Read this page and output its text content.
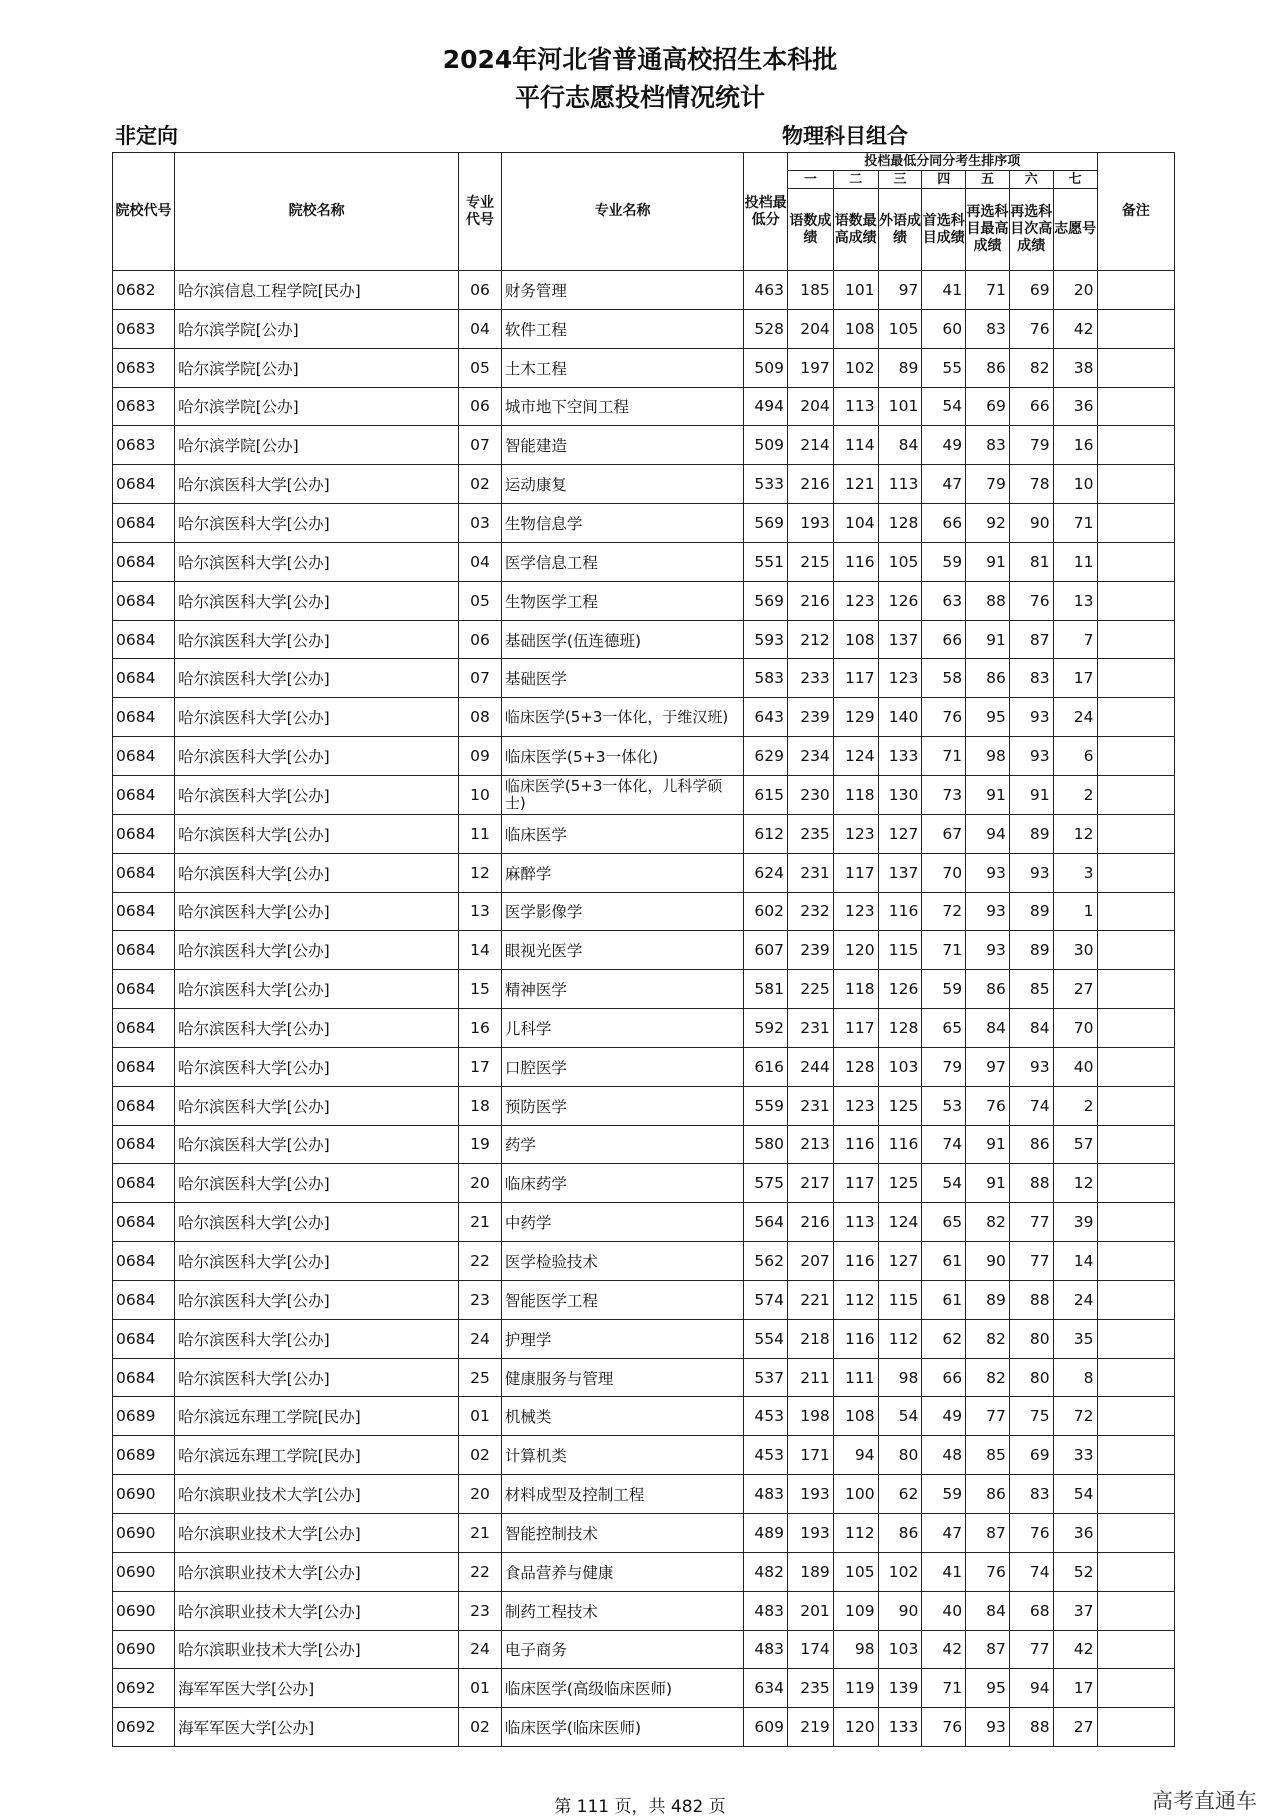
2024年河北省普通高校招生本科批
平行志愿投档情况统计
非定向	物理科目组合
院校代号	院校名称	专业代号	专业名称	投档最低分	投档最低分同分考生排序项							备注
					一	二	三	四	五	六	七	
					语数成绩	语数最高成绩	外语成绩	首选科目成绩	再选科目最高成绩	再选科目次高成绩	志愿号	
0682	哈尔滨信息工程学院[民办]	06	财务管理	463	185	101	97	41	71	69	20	
0683	哈尔滨学院[公办]	04	软件工程	528	204	108	105	60	83	76	42	
0683	哈尔滨学院[公办]	05	土木工程	509	197	102	89	55	86	82	38	
0683	哈尔滨学院[公办]	06	城市地下空间工程	494	204	113	101	54	69	66	36	
0683	哈尔滨学院[公办]	07	智能建造	509	214	114	84	49	83	79	16	
0684	哈尔滨医科大学[公办]	02	运动康复	533	216	121	113	47	79	78	10	
0684	哈尔滨医科大学[公办]	03	生物信息学	569	193	104	128	66	92	90	71	
0684	哈尔滨医科大学[公办]	04	医学信息工程	551	215	116	105	59	91	81	11	
0684	哈尔滨医科大学[公办]	05	生物医学工程	569	216	123	126	63	88	76	13	
0684	哈尔滨医科大学[公办]	06	基础医学(伍连德班)	593	212	108	137	66	91	87	7	
0684	哈尔滨医科大学[公办]	07	基础医学	583	233	117	123	58	86	83	17	
0684	哈尔滨医科大学[公办]	08	临床医学(5+3一体化，于维汉班)	643	239	129	140	76	95	93	24	
0684	哈尔滨医科大学[公办]	09	临床医学(5+3一体化)	629	234	124	133	71	98	93	6	
0684	哈尔滨医科大学[公办]	10	临床医学(5+3一体化，儿科学硕士)	615	230	118	130	73	91	91	2	
0684	哈尔滨医科大学[公办]	11	临床医学	612	235	123	127	67	94	89	12	
0684	哈尔滨医科大学[公办]	12	麻醉学	624	231	117	137	70	93	93	3	
0684	哈尔滨医科大学[公办]	13	医学影像学	602	232	123	116	72	93	89	1	
0684	哈尔滨医科大学[公办]	14	眼视光医学	607	239	120	115	71	93	89	30	
0684	哈尔滨医科大学[公办]	15	精神医学	581	225	118	126	59	86	85	27	
0684	哈尔滨医科大学[公办]	16	儿科学	592	231	117	128	65	84	84	70	
0684	哈尔滨医科大学[公办]	17	口腔医学	616	244	128	103	79	97	93	40	
0684	哈尔滨医科大学[公办]	18	预防医学	559	231	123	125	53	76	74	2	
0684	哈尔滨医科大学[公办]	19	药学	580	213	116	116	74	91	86	57	
0684	哈尔滨医科大学[公办]	20	临床药学	575	217	117	125	54	91	88	12	
0684	哈尔滨医科大学[公办]	21	中药学	564	216	113	124	65	82	77	39	
0684	哈尔滨医科大学[公办]	22	医学检验技术	562	207	116	127	61	90	77	14	
0684	哈尔滨医科大学[公办]	23	智能医学工程	574	221	112	115	61	89	88	24	
0684	哈尔滨医科大学[公办]	24	护理学	554	218	116	112	62	82	80	35	
0684	哈尔滨医科大学[公办]	25	健康服务与管理	537	211	111	98	66	82	80	8	
0689	哈尔滨远东理工学院[民办]	01	机械类	453	198	108	54	49	77	75	72	
0689	哈尔滨远东理工学院[民办]	02	计算机类	453	171	94	80	48	85	69	33	
0690	哈尔滨职业技术大学[公办]	20	材料成型及控制工程	483	193	100	62	59	86	83	54	
0690	哈尔滨职业技术大学[公办]	21	智能控制技术	489	193	112	86	47	87	76	36	
0690	哈尔滨职业技术大学[公办]	22	食品营养与健康	482	189	105	102	41	76	74	52	
0690	哈尔滨职业技术大学[公办]	23	制药工程技术	483	201	109	90	40	84	68	37	
0690	哈尔滨职业技术大学[公办]	24	电子商务	483	174	98	103	42	87	77	42	
0692	海军军医大学[公办]	01	临床医学(高级临床医师)	634	235	119	139	71	95	94	17	
0692	海军军医大学[公办]	02	临床医学(临床医师)	609	219	120	133	76	93	88	27	
第 111 页，共 482 页	高考直通车
